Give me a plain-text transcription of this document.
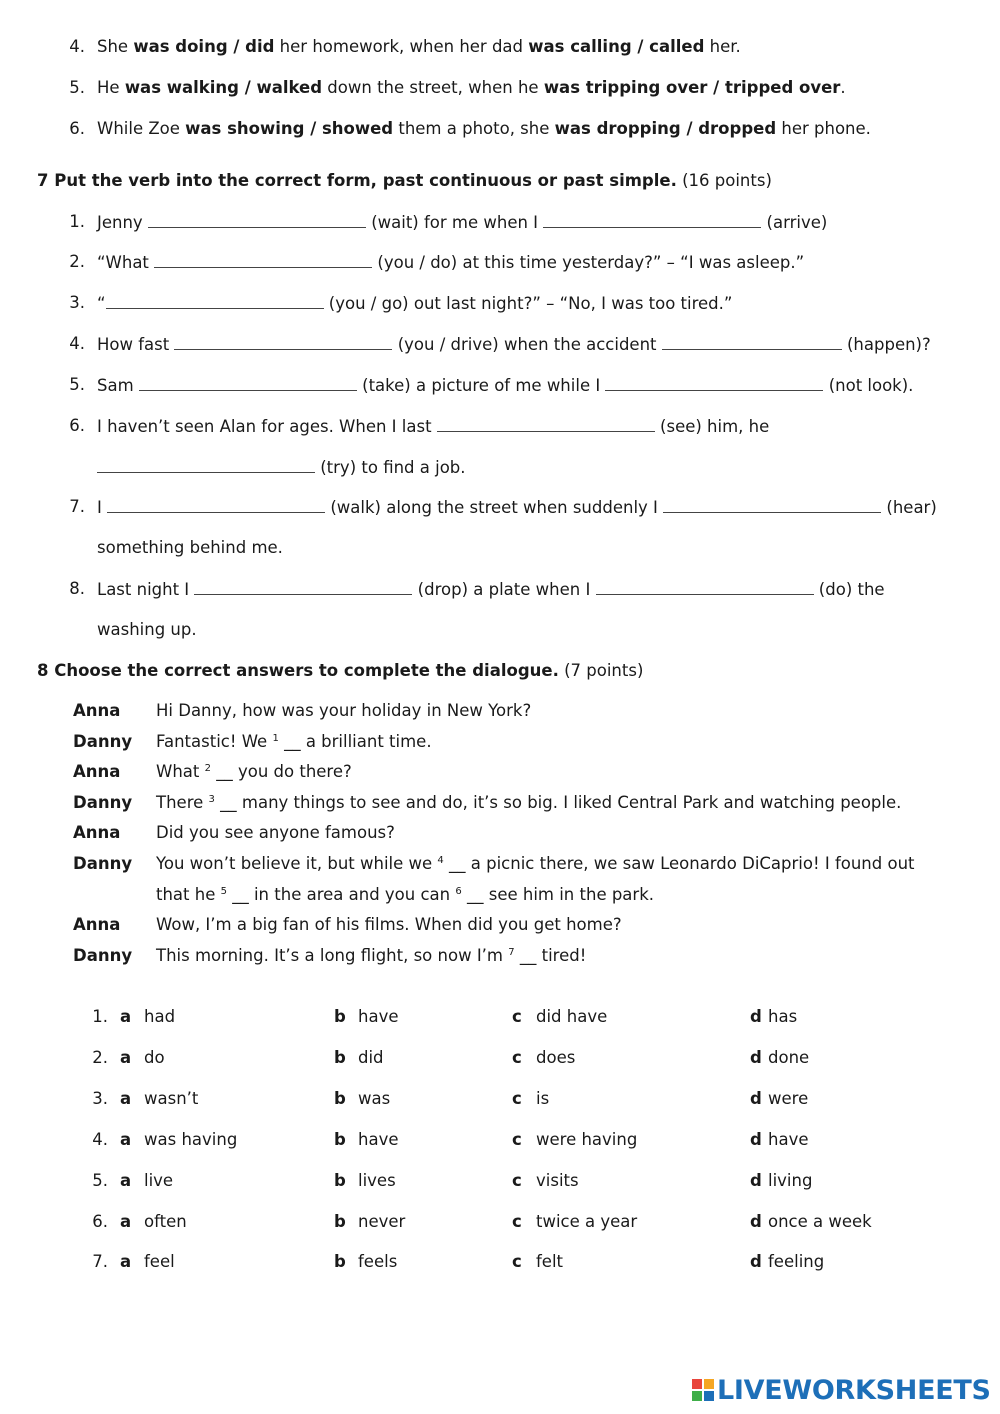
4. She was doing / did her homework, when her dad was calling / called her.
5. He was walking / walked down the street, when he was tripping over / tripped over.
6. While Zoe was showing / showed them a photo, she was dropping / dropped her phone.
7 Put the verb into the correct form, past continuous or past simple. (16 points)
1. Jenny	(wait) for me when I	(arrive)
2. “What	(you / do) at this time yesterday?” – “I was asleep.”
3. “	(you / go) out last night?” – “No, I was too tired.”
4. How fast	(you / drive) when the accident	(happen)?
5. Sam	(take) a picture of me while I	(not look).
6. I haven’t seen Alan for ages. When I last	(see) him, he
(try) to find a job.
7. I	(walk) along the street when suddenly I	(hear)
something behind me.
8. Last night I	(drop) a plate when I	(do) the
washing up.
8 Choose the correct answers to complete the dialogue. (7 points)
Anna Hi Danny, how was your holiday in New York?
Danny Fantastic! We $^1$ __ a brilliant time.
Anna What $^2$ __ you do there?
Danny There $^3$ __ many things to see and do, it’s so big. I liked Central Park and watching people.
Anna Did you see anyone famous?
Danny You won’t believe it, but while we $^4$ __ a picnic there, we saw Leonardo DiCaprio! I found out
that he $^5$ __ in the area and you can $^6$ __ see him in the park.
Anna Wow, I’m a big fan of his films. When did you get home?
Danny This morning. It’s a long flight, so now I’m $^7$ __ tired!
1. a had	b have	c did have	d has
2. a do	b did	c does	d done
3. a wasn’t	b was	c is	d were
4. a was having	b have	c were having	d have
5. a live	b lives	c visits	d living
6. a often	b never	c twice a year	d once a week
7. a feel	b feels	c felt	d feeling
LIVEWORKSHEETS
